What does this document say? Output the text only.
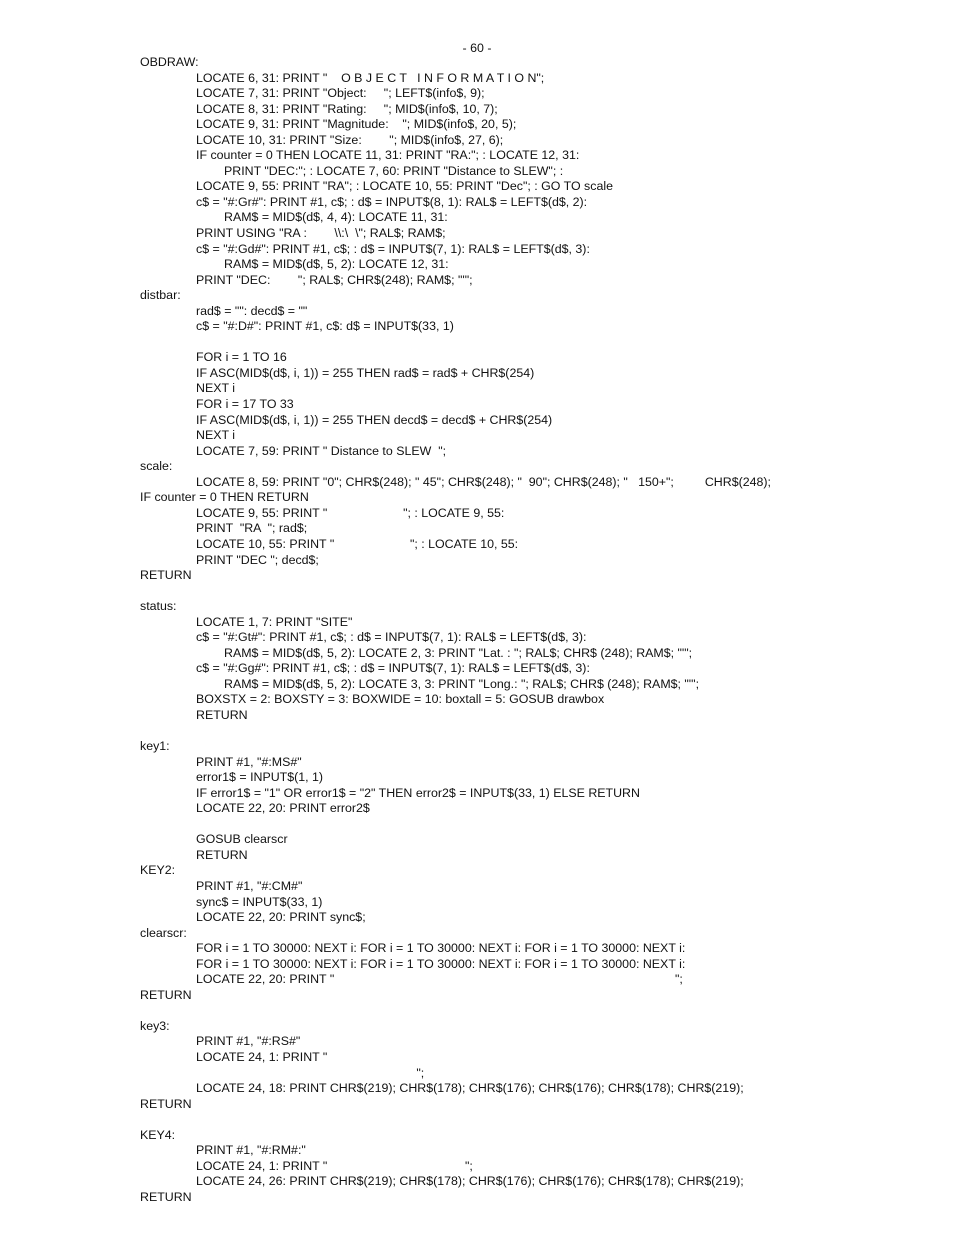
- 60 -
OBDRAW:
LOCATE 6, 31: PRINT "    O B J E C T   I N F O R M A T I O N";
LOCATE 7, 31: PRINT "Object:     "; LEFT$(info$, 9);
LOCATE 8, 31: PRINT "Rating:     "; MID$(info$, 10, 7);
LOCATE 9, 31: PRINT "Magnitude:    "; MID$(info$, 20, 5);
LOCATE 10, 31: PRINT "Size:        "; MID$(info$, 27, 6);
IF counter = 0 THEN LOCATE 11, 31: PRINT "RA:"; : LOCATE 12, 31:
PRINT "DEC:"; : LOCATE 7, 60: PRINT "Distance to SLEW"; :
LOCATE 9, 55: PRINT "RA"; : LOCATE 10, 55: PRINT "Dec"; : GO TO scale
c$ = "#:Gr#": PRINT #1, c$; : d$ = INPUT$(8, 1): RAL$ = LEFT$(d$, 2):
RAM$ = MID$(d$, 4, 4): LOCATE 11, 31:
PRINT USING "RA :        \\:\  \"; RAL$; RAM$;
c$ = "#:Gd#": PRINT #1, c$; : d$ = INPUT$(7, 1): RAL$ = LEFT$(d$, 3):
RAM$ = MID$(d$, 5, 2): LOCATE 12, 31:
PRINT "DEC:        "; RAL$; CHR$(248); RAM$; "'";
distbar:
rad$ = "": decd$ = ""
c$ = "#:D#": PRINT #1, c$: d$ = INPUT$(33, 1)
FOR i = 1 TO 16
IF ASC(MID$(d$, i, 1)) = 255 THEN rad$ = rad$ + CHR$(254)
NEXT i
FOR i = 17 TO 33
IF ASC(MID$(d$, i, 1)) = 255 THEN decd$ = decd$ + CHR$(254)
NEXT i
LOCATE 7, 59: PRINT " Distance to SLEW  ";
scale:
LOCATE 8, 59: PRINT "0"; CHR$(248); " 45"; CHR$(248); "  90"; CHR$(248); "   150+";         CHR$(248);
IF counter = 0 THEN RETURN
LOCATE 9, 55: PRINT "                      "; : LOCATE 9, 55:
PRINT  "RA  "; rad$;
LOCATE 10, 55: PRINT "                      "; : LOCATE 10, 55:
PRINT "DEC "; decd$;
RETURN
status:
LOCATE 1, 7: PRINT "SITE"
c$ = "#:Gt#": PRINT #1, c$; : d$ = INPUT$(7, 1): RAL$ = LEFT$(d$, 3):
RAM$ = MID$(d$, 5, 2): LOCATE 2, 3: PRINT "Lat. : "; RAL$; CHR$ (248); RAM$; "'";
c$ = "#:Gg#": PRINT #1, c$; : d$ = INPUT$(7, 1): RAL$ = LEFT$(d$, 3):
RAM$ = MID$(d$, 5, 2): LOCATE 3, 3: PRINT "Long.: "; RAL$; CHR$ (248); RAM$; "'";
BOXSTX = 2: BOXSTY = 3: BOXWIDE = 10: boxtall = 5: GOSUB drawbox
RETURN
key1:
PRINT #1, "#:MS#"
error1$ = INPUT$(1, 1)
IF error1$ = "1" OR error1$ = "2" THEN error2$ = INPUT$(33, 1) ELSE RETURN
LOCATE 22, 20: PRINT error2$
GOSUB clearscr
RETURN
KEY2:
PRINT #1, "#:CM#"
sync$ = INPUT$(33, 1)
LOCATE 22, 20: PRINT sync$;
clearscr:
FOR i = 1 TO 30000: NEXT i: FOR i = 1 TO 30000: NEXT i: FOR i = 1 TO 30000: NEXT i:
FOR i = 1 TO 30000: NEXT i: FOR i = 1 TO 30000: NEXT i: FOR i = 1 TO 30000: NEXT i:
LOCATE 22, 20: PRINT "                                                                                                   ";
RETURN
key3:
PRINT #1, "#:RS#"
LOCATE 24, 1: PRINT "
";
LOCATE 24, 18: PRINT CHR$(219); CHR$(178); CHR$(176); CHR$(176); CHR$(178); CHR$(219);
RETURN
KEY4:
PRINT #1, "#:RM#:"
LOCATE 24, 1: PRINT "                                        ";
LOCATE 24, 26: PRINT CHR$(219); CHR$(178); CHR$(176); CHR$(176); CHR$(178); CHR$(219);
RETURN
